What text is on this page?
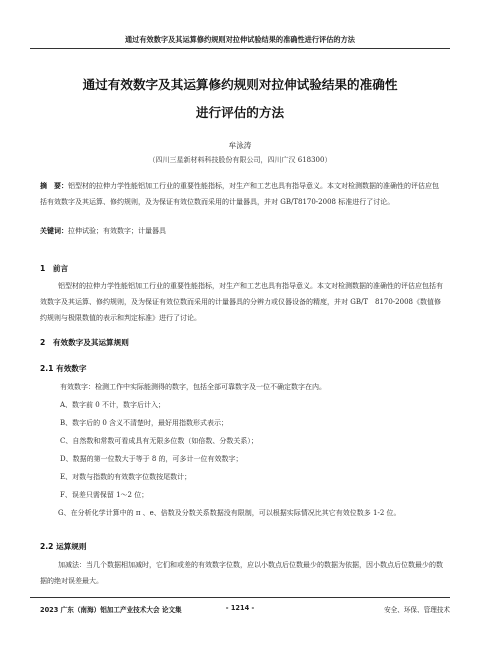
通过有效数字及其运算修约规则对拉伸试验结果的准确性进行评估的方法
通过有效数字及其运算修约规则对拉伸试验结果的准确性
进行评估的方法
牟泳涛
（四川三星新材料科技股份有限公司，四川广汉 618300）

摘　要：铝型材的拉伸力学性能铝加工行业的重要性能指标，对生产和工艺也具有指导意义。本文对检测数据的准确性的评估应包括有效数字及其运算、修约规则，及为保证有效位数而采用的计量器具，并对 GB/T8170-2008 标准进行了讨论。

关键词：拉伸试验；有效数字；计量器具

1　前言

铝型材的拉伸力学性能铝加工行业的重要性能指标，对生产和工艺也具有指导意义。本文对检测数据的准确性的评估应包括有效数字及其运算、修约规则，及为保证有效位数而采用的计量器具的分辨力或仪器设备的精度，并对 GB/T　8170-2008《数值修约规则与极限数值的表示和判定标准》进行了讨论。

2　有效数字及其运算规则
2.1 有效数字
有效数字：检测工作中实际能测得的数字，包括全部可靠数字及一位不确定数字在内。
A、数字前 0 不计，数字后计入；
B、数字后的 0 含义不清楚时，最好用指数形式表示；
C、自然数和常数可看成具有无限多位数（如倍数、分数关系）；
D、数据的第一位数大于等于 8 的，可多计一位有效数字；
E、对数与指数的有效数字位数按尾数计；
F、误差只需保留 1～2 位；

G、在分析化学计算中的 π 、e、倍数及分数关系数据没有限制，可以根据实际情况比其它有效位数多 1-2 位。

2.2 运算规则

加减法：当几个数据相加减时，它们和或差的有效数字位数，应以小数点后位数最少的数据为依据，因小数点后位数最少的数据的绝对误差最大。

2023 广东（南海）铝加工产业技术大会 论文集	- 1214 -	安全、环保、管理技术
